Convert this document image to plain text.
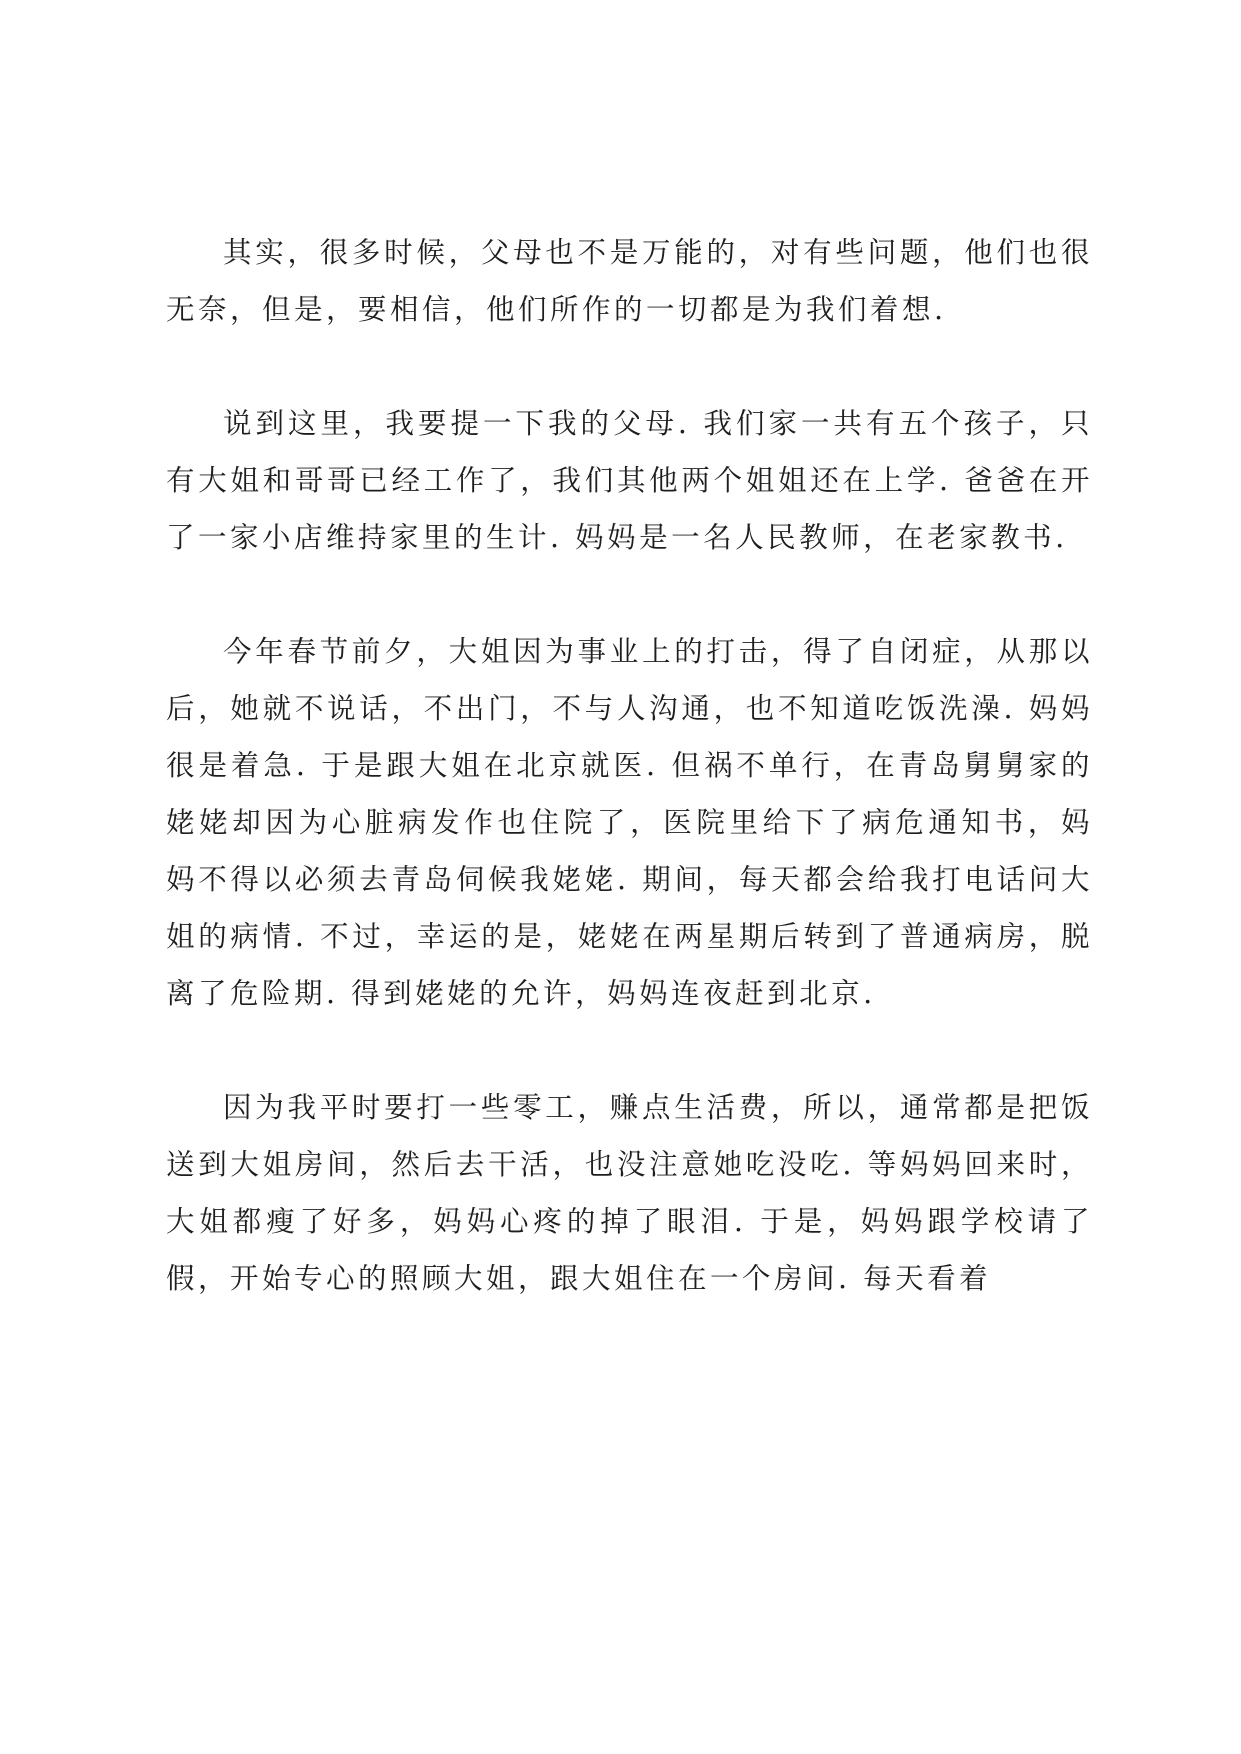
其实，很多时候，父母也不是万能的，对有些问题，他们也很无奈，但是，要相信，他们所作的一切都是为我们着想.

说到这里，我要提一下我的父母. 我们家一共有五个孩子，只有大姐和哥哥已经工作了，我们其他两个姐姐还在上学. 爸爸在开了一家小店维持家里的生计. 妈妈是一名人民教师，在老家教书.

今年春节前夕，大姐因为事业上的打击，得了自闭症，从那以后，她就不说话，不出门，不与人沟通，也不知道吃饭洗澡. 妈妈很是着急. 于是跟大姐在北京就医. 但祸不单行，在青岛舅舅家的姥姥却因为心脏病发作也住院了，医院里给下了病危通知书，妈妈不得以必须去青岛伺候我姥姥. 期间，每天都会给我打电话问大姐的病情. 不过，幸运的是，姥姥在两星期后转到了普通病房，脱离了危险期. 得到姥姥的允许，妈妈连夜赶到北京.

因为我平时要打一些零工，赚点生活费，所以，通常都是把饭送到大姐房间，然后去干活，也没注意她吃没吃. 等妈妈回来时，大姐都瘦了好多，妈妈心疼的掉了眼泪. 于是，妈妈跟学校请了假，开始专心的照顾大姐，跟大姐住在一个房间. 每天看着
